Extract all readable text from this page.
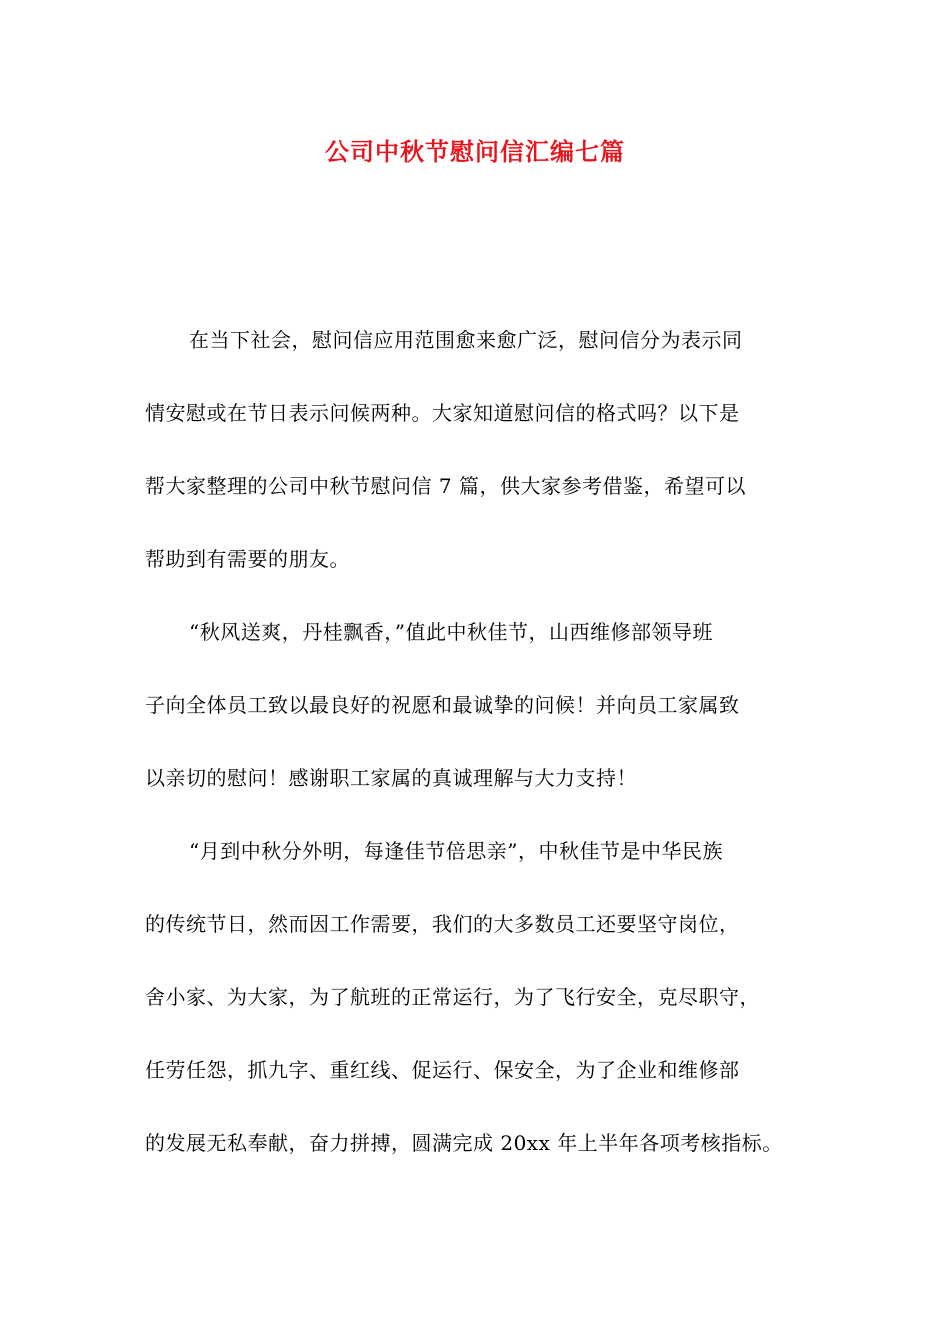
公司中秋节慰问信汇编七篇
在当下社会，慰问信应用范围愈来愈广泛，慰问信分为表示同
情安慰或在节日表示问候两种。大家知道慰问信的格式吗？以下是
帮大家整理的公司中秋节慰问信 7 篇，供大家参考借鉴，希望可以
帮助到有需要的朋友。
“秋风送爽，丹桂飘香，”值此中秋佳节，山西维修部领导班
子向全体员工致以最良好的祝愿和最诚挚的问候！并向员工家属致
以亲切的慰问！感谢职工家属的真诚理解与大力支持！
“月到中秋分外明，每逢佳节倍思亲”，中秋佳节是中华民族
的传统节日，然而因工作需要，我们的大多数员工还要坚守岗位，
舍小家、为大家，为了航班的正常运行，为了飞行安全，克尽职守，
任劳任怨，抓九字、重红线、促运行、保安全，为了企业和维修部
的发展无私奉献，奋力拼搏，圆满完成 20xx 年上半年各项考核指标。
